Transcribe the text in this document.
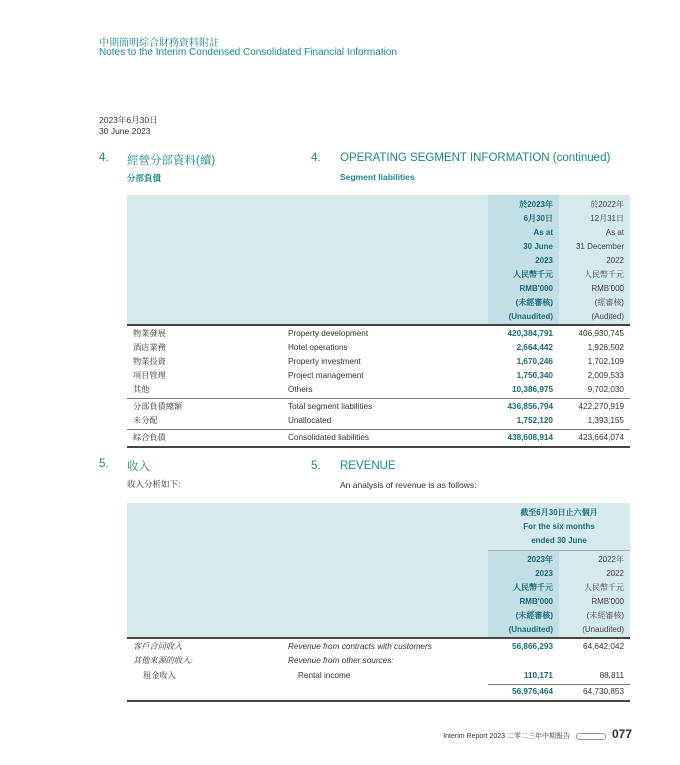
中期簡明綜合財務資料附註
Notes to the Interim Condensed Consolidated Financial Information
2023年6月30日
30 June 2023
4. 經營分部資料(續)	4. OPERATING SEGMENT INFORMATION (continued)
分部負債	Segment liabilities
於2023年
6月30日
As at
30 June
2023
人民幣千元
RMB'000
(未經審核)
(Unaudited)
於2022年
12月31日
As at
31 December
2022
人民幣千元
RMB'000
(經審核)
(Audited)
物業發展	Property development	420,384,791	406,930,745
酒店業務	Hotel operations	2,664,442	1,926,502
物業投資	Property investment	1,670,246	1,702,109
項目管理	Project management	1,750,340	2,009,533
其他	Others	10,386,975	9,702,030
分部負債總額	Total segment liabilities	436,856,794	422,270,919
未分配	Unallocated	1,752,120	1,393,155
綜合負債	Consolidated liabilities	438,608,914	423,664,074
5. 收入	5. REVENUE
收入分析如下:	An analysis of revenue is as follows:
截至6月30日止六個月
For the six months
ended 30 June
2023年
2023
人民幣千元
RMB'000
(未經審核)
(Unaudited)
2022年
2022
人民幣千元
RMB'000
(未經審核)
(Unaudited)
客戶合同收入	Revenue from contracts with customers	56,866,293	64,642,042
其他來源的收入:	Revenue from other sources:
租金收入	Rental income	110,171	88,811
56,976,464	64,730,853
Interim Report 2023 二零二三年中期報告	077
